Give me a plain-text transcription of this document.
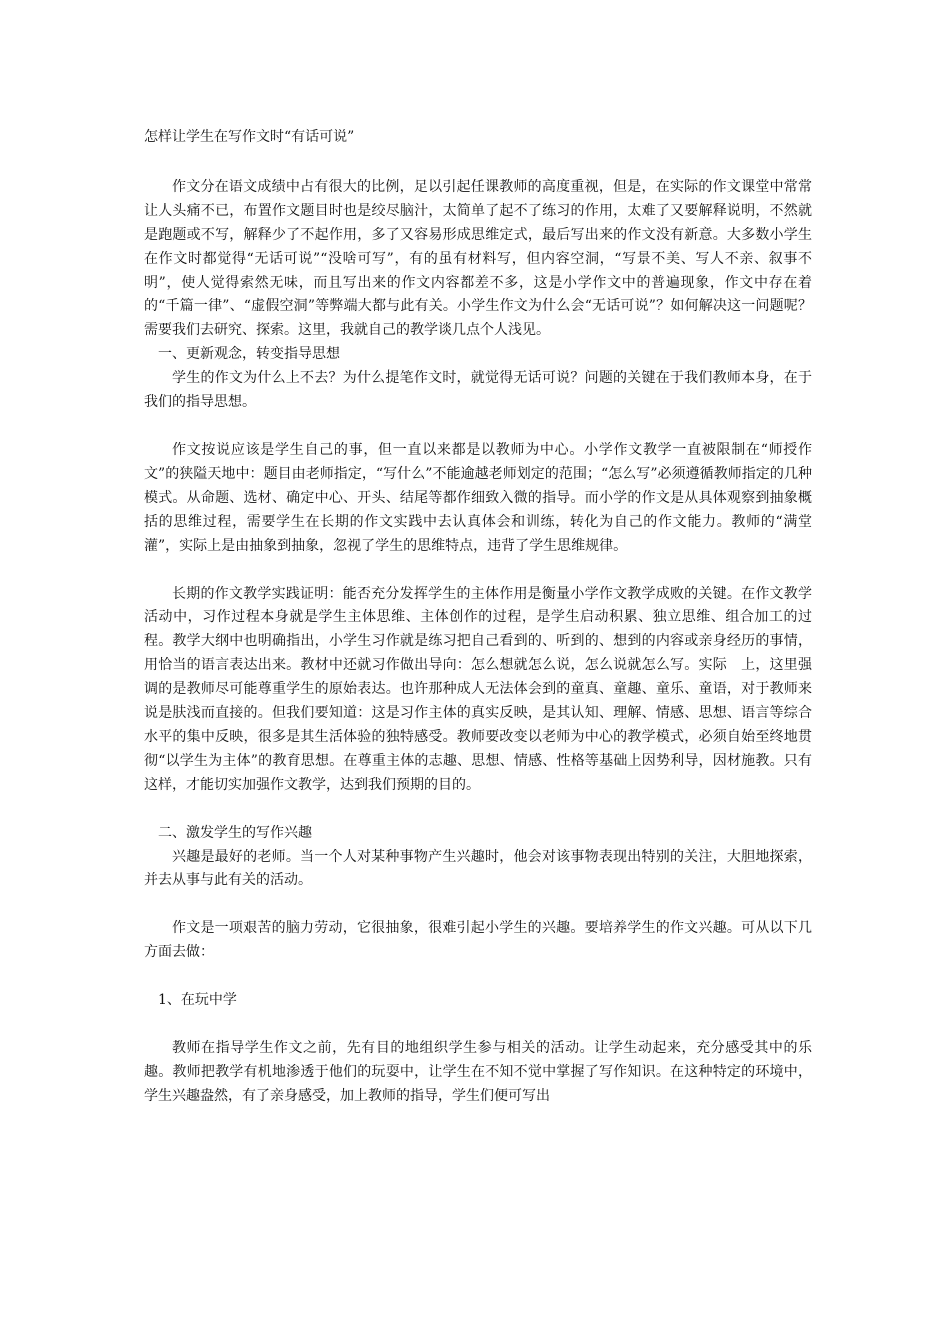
怎样让学生在写作文时“有话可说”

作文分在语文成绩中占有很大的比例，足以引起任课教师的高度重视，但是，在实际的作文课堂中常常让人头痛不已，布置作文题目时也是绞尽脑汁，太简单了起不了练习的作用，太难了又要解释说明，不然就是跑题或不写，解释少了不起作用，多了又容易形成思维定式，最后写出来的作文没有新意。大多数小学生在作文时都觉得“无话可说”“没啥可写”，有的虽有材料写，但内容空洞，“写景不美、写人不亲、叙事不明”，使人觉得索然无味，而且写出来的作文内容都差不多，这是小学作文中的普遍现象，作文中存在着的“千篇一律”、“虚假空洞”等弊端大都与此有关。小学生作文为什么会“无话可说”？如何解决这一问题呢？需要我们去研究、探索。这里，我就自己的教学谈几点个人浅见。

一、更新观念，转变指导思想

学生的作文为什么上不去？为什么提笔作文时，就觉得无话可说？问题的关键在于我们教师本身，在于我们的指导思想。

作文按说应该是学生自己的事，但一直以来都是以教师为中心。小学作文教学一直被限制在“师授作文”的狭隘天地中：题目由老师指定，“写什么”不能逾越老师划定的范围；“怎么写”必须遵循教师指定的几种模式。从命题、选材、确定中心、开头、结尾等都作细致入微的指导。而小学的作文是从具体观察到抽象概括的思维过程，需要学生在长期的作文实践中去认真体会和训练，转化为自己的作文能力。教师的“满堂灌”，实际上是由抽象到抽象，忽视了学生的思维特点，违背了学生思维规律。

长期的作文教学实践证明：能否充分发挥学生的主体作用是衡量小学作文教学成败的关键。在作文教学活动中，习作过程本身就是学生主体思维、主体创作的过程，是学生启动积累、独立思维、组合加工的过程。教学大纲中也明确指出，小学生习作就是练习把自己看到的、听到的、想到的内容或亲身经历的事情，用恰当的语言表达出来。教材中还就习作做出导向：怎么想就怎么说，怎么说就怎么写。实际　上，这里强调的是教师尽可能尊重学生的原始表达。也许那种成人无法体会到的童真、童趣、童乐、童语，对于教师来说是肤浅而直接的。但我们要知道：这是习作主体的真实反映，是其认知、理解、情感、思想、语言等综合水平的集中反映，很多是其生活体验的独特感受。教师要改变以老师为中心的教学模式，必须自始至终地贯彻“以学生为主体”的教育思想。在尊重主体的志趣、思想、情感、性格等基础上因势利导，因材施教。只有这样，才能切实加强作文教学，达到我们预期的目的。

二、激发学生的写作兴趣

兴趣是最好的老师。当一个人对某种事物产生兴趣时，他会对该事物表现出特别的关注，大胆地探索，并去从事与此有关的活动。

作文是一项艰苦的脑力劳动，它很抽象，很难引起小学生的兴趣。要培养学生的作文兴趣。可从以下几方面去做：

1、在玩中学

教师在指导学生作文之前，先有目的地组织学生参与相关的活动。让学生动起来，充分感受其中的乐趣。教师把教学有机地渗透于他们的玩耍中，让学生在不知不觉中掌握了写作知识。在这种特定的环境中，学生兴趣盎然，有了亲身感受，加上教师的指导，学生们便可写出
